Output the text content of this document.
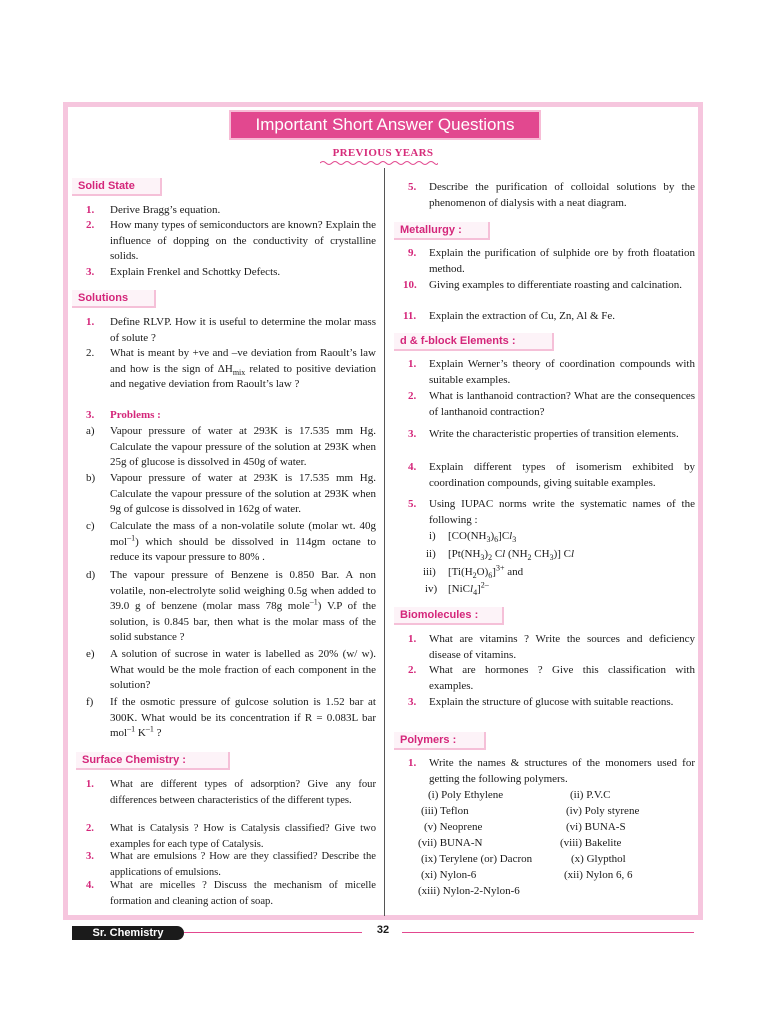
Important Short Answer Questions
PREVIOUS YEARS
Solid State
1.	Derive Bragg’s equation.
2.	How many types of semiconductors are known? Explain the influence of dopping on the conductivity of crystalline solids.
3.	Explain Frenkel and Schottky Defects.
Solutions
1.	Define RLVP. How it is useful to determine the molar mass of solute ?
2.	What is meant by +ve and –ve deviation from Raoult’s law and how is the sign of $\Delta H_{mix}$ related to positive deviation and negative deviation from Raoult’s law ?
3.	Problems :
a)	Vapour pressure of water at 293K is 17.535 mm Hg. Calculate the vapour pressure of the solution at 293K when 25g of glucose is dissolved in 450g of water.
b)	Vapour pressure of water at 293K is 17.535 mm Hg. Calculate the vapour pressure of the solution at 293K when 9g of gulcose is dissolved in 162g of water.
c)	Calculate the mass of a non-volatile solute (molar wt. 40g mol$^{-1}$) which should be dissolved in 114gm octane to reduce its vapour pressure to 80% .
d)	The vapour pressure of Benzene is 0.850 Bar. A non volatile, non-electrolyte solid weighing 0.5g when added to 39.0 g of benzene (molar mass 78g mole$^{-1}$) V.P of the solution, is 0.845 bar, then what is the molar mass of the solid substance ?
e)	A solution of sucrose in water is labelled as 20% (w/ w). What would be the mole fraction of each component in the solution?
f)	If the osmotic pressure of gulcose solution is 1.52 bar at 300K. What would be its concentration if R = 0.083L bar mol$^{-1}$ $K^{-1}$ ?
Surface Chemistry :
1.	What are different types of adsorption? Give any four differences between characteristics of the different types.
2.	What is Catalysis ? How is Catalysis classified? Give two examples for each type of Catalysis.
3.	What are emulsions ? How are they classified? Describe the applications of emulsions.
4.	What are micelles ? Discuss the mechanism of micelle formation and cleaning action of soap.
5.	Describe the purification of colloidal solutions by the phenomenon of dialysis with a neat diagram.
Metallurgy :
9.	Explain the purification of sulphide ore by froth floatation method.
10.	Giving examples to differentiate roasting and calcination.
11.	Explain the extraction of Cu, Zn, Al & Fe.
d & f-block Elements :
1.	Explain Werner’s theory of coordination compounds with suitable examples.
2.	What is lanthanoid contraction? What are the consequences of lanthanoid contraction?
3.	Write the characteristic properties of transition elements.
4.	Explain different types of isomerism exhibited by coordination compounds, giving suitable examples.
5.	Using IUPAC norms write the systematic names of the following :
i)	$[CO(NH_3)_6]Cl_3$
ii)	[$Pt(NH_3)_2$ Cl ($NH_2$ $CH_3$)] Cl
iii)	$[Ti(H_2O)_6]^{3+}$ and
iv) [NiCl$_4$]$^{2-}$
Biomolecules :
1.	What are vitamins ? Write the sources and deficiency disease of vitamins.
2.	What are hormones ? Give this classification with examples.
3.	Explain the structure of glucose with suitable reactions.
Polymers :
1.	Write the names & structures of the monomers used for getting the following polymers.
(i) Poly Ethylene	(ii) P.V.C
(iii) Teflon	(iv) Poly styrene
(v) Neoprene	(vi) BUNA-S
(vii) BUNA-N	(viii) Bakelite
(ix) Terylene (or) Dacron	(x) Glypthol
(xi) Nylon-6	(xii) Nylon 6, 6
(xiii) Nylon-2-Nylon-6
Sr. Chemistry	32
